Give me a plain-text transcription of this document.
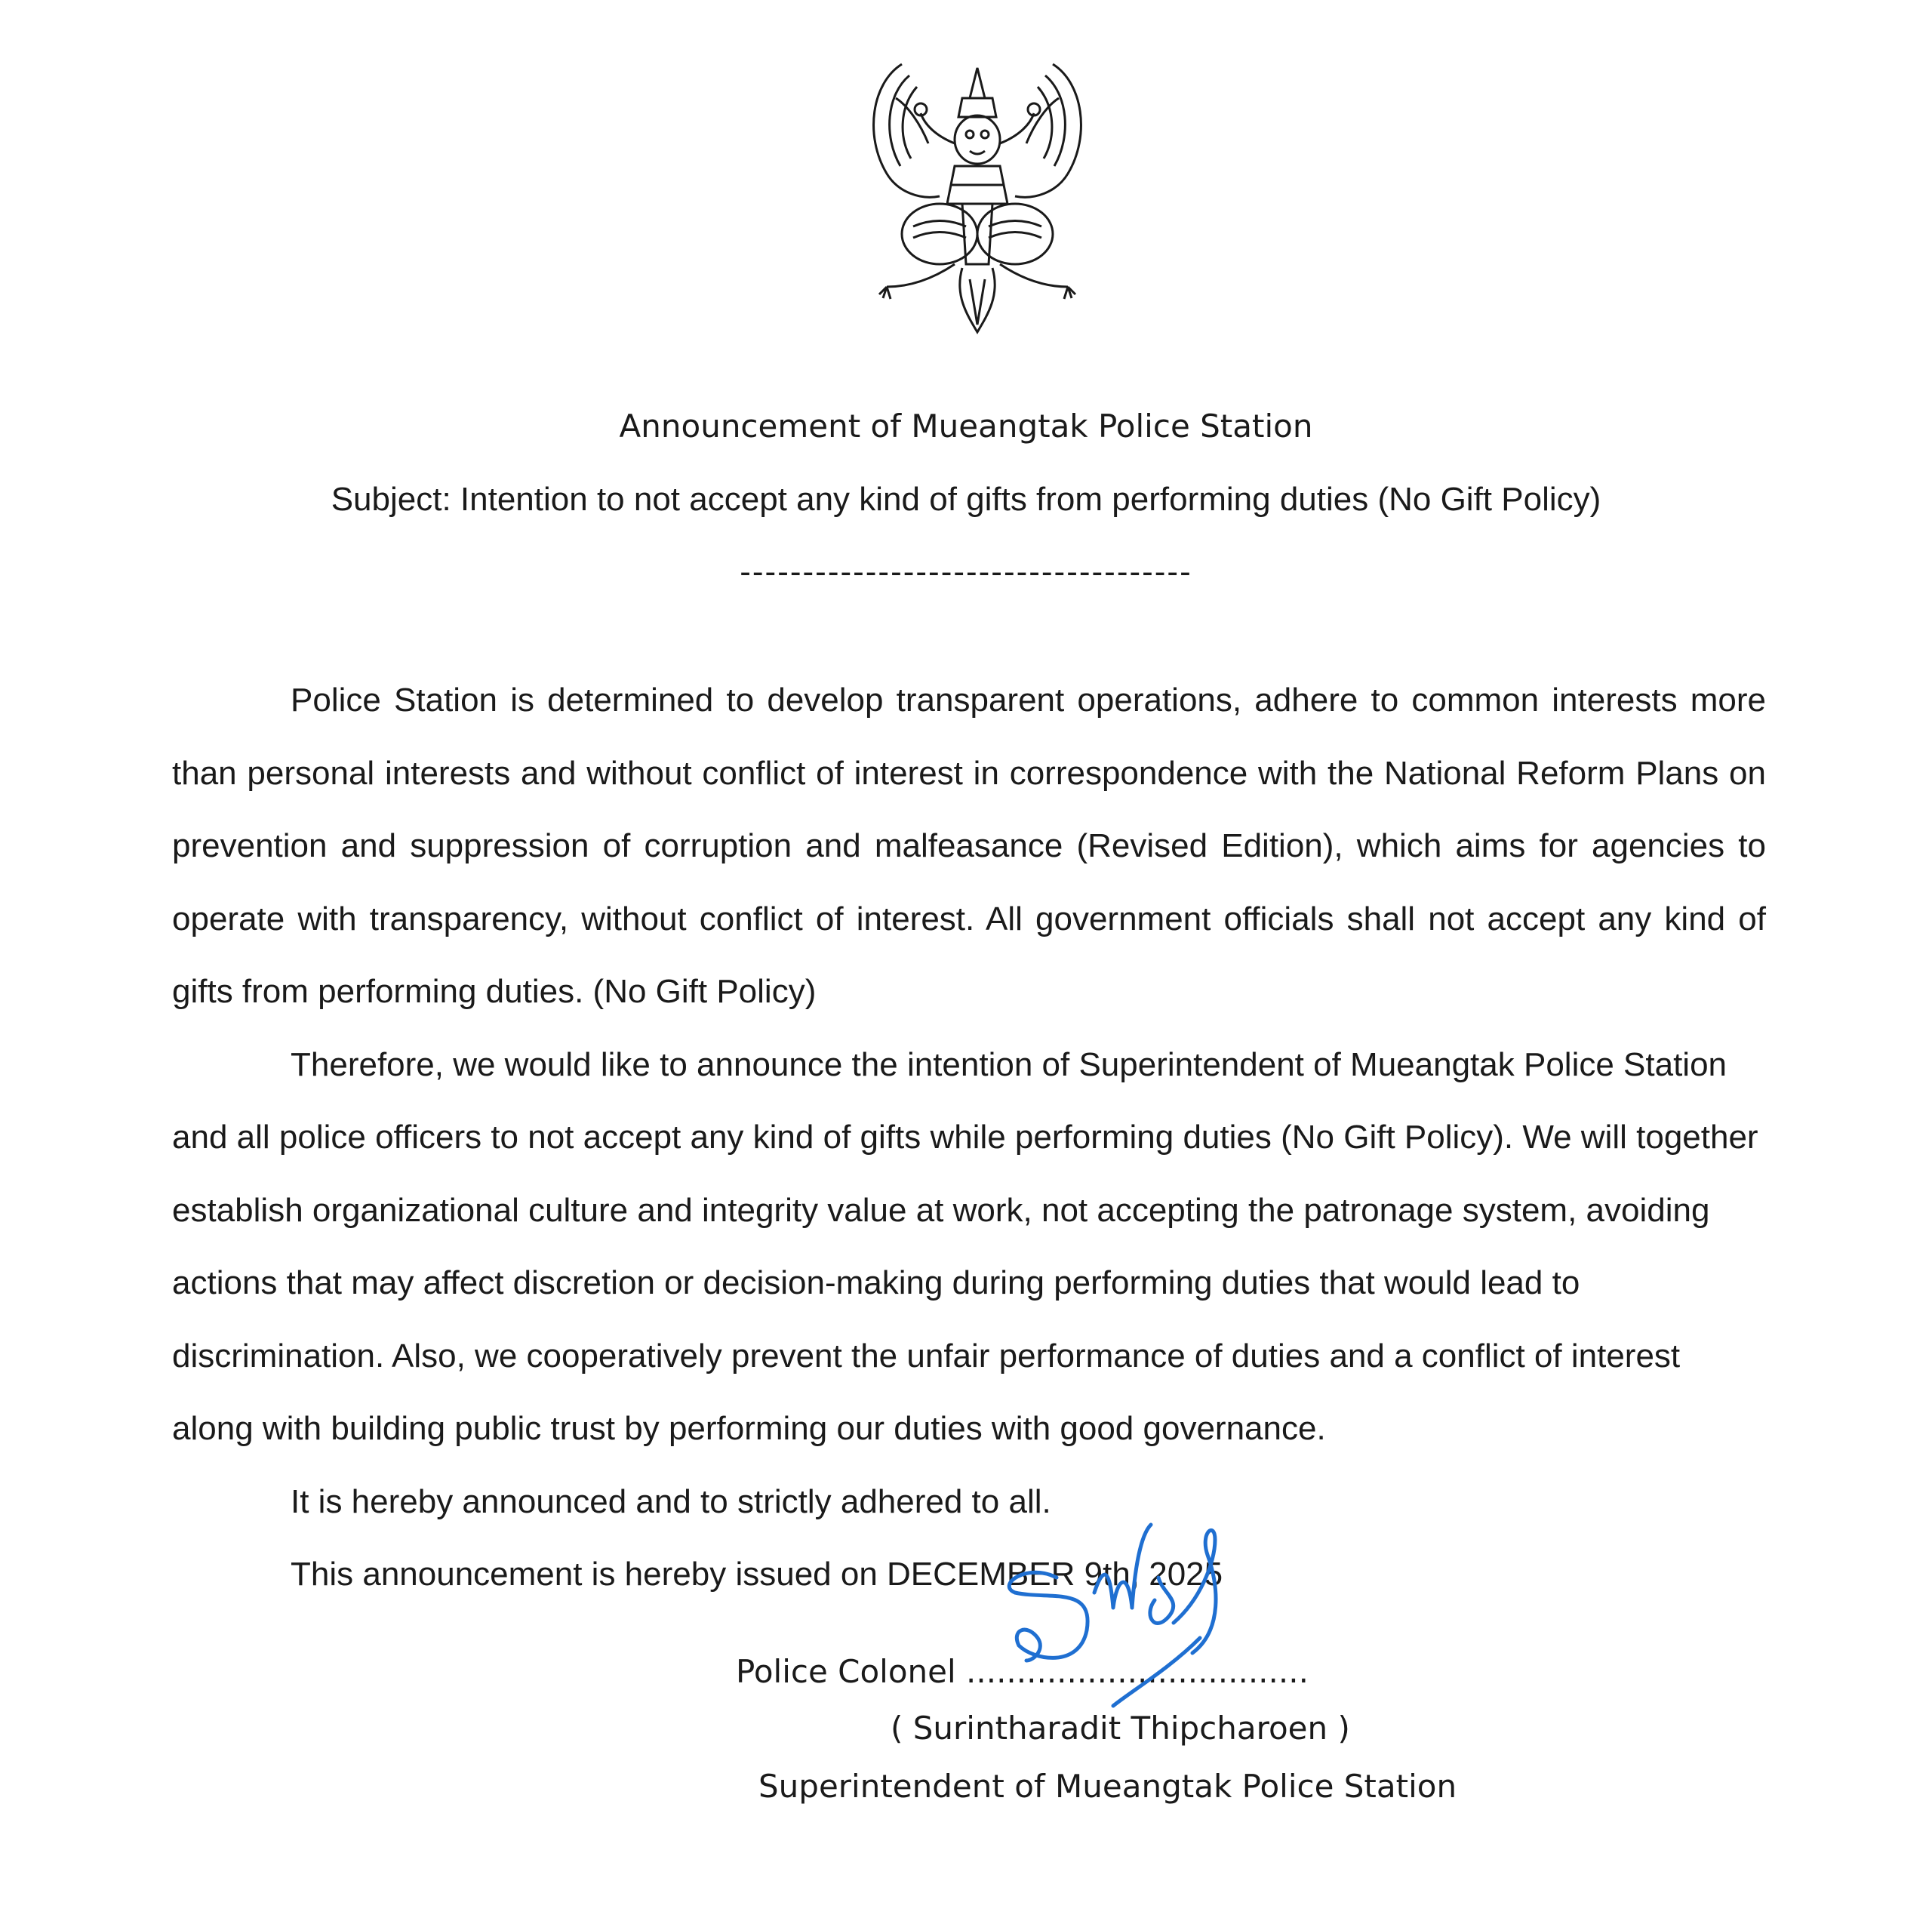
Announcement of Mueangtak Police Station
Subject: Intention to not accept any kind of gifts from performing duties (No Gift Policy)
------------------------------------

Police Station is determined to develop transparent operations, adhere to common interests more than personal interests and without conflict of interest in correspondence with the National Reform Plans on prevention and suppression of corruption and malfeasance (Revised Edition), which aims for agencies to operate with transparency, without conflict of interest. All government officials shall not accept any kind of gifts from performing duties. (No Gift Policy)

Therefore, we would like to announce the intention of Superintendent of Mueangtak Police Station and all police officers to not accept any kind of gifts while performing duties (No Gift Policy). We will together establish organizational culture and integrity value at work, not accepting the patronage system, avoiding actions that may affect discretion or decision-making during performing duties that would lead to discrimination. Also, we cooperatively prevent the unfair performance of duties and a conflict of interest along with building public trust by performing our duties with good governance.

It is hereby announced and to strictly adhered to all.

This announcement is hereby issued on DECEMBER 9th, 2025

Police Colonel ..................................
( Surintharadit Thipcharoen )
Superintendent of Mueangtak Police Station
